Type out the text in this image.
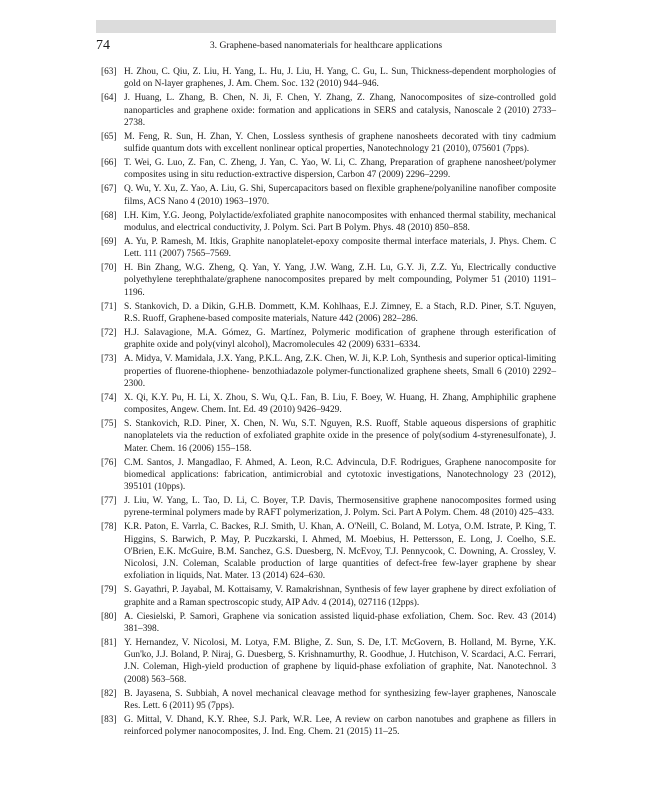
74	3. Graphene-based nanomaterials for healthcare applications
[63] H. Zhou, C. Qiu, Z. Liu, H. Yang, L. Hu, J. Liu, H. Yang, C. Gu, L. Sun, Thickness-dependent morphologies of gold on N-layer graphenes, J. Am. Chem. Soc. 132 (2010) 944–946.
[64] J. Huang, L. Zhang, B. Chen, N. Ji, F. Chen, Y. Zhang, Z. Zhang, Nanocomposites of size-controlled gold nanoparticles and graphene oxide: formation and applications in SERS and catalysis, Nanoscale 2 (2010) 2733–2738.
[65] M. Feng, R. Sun, H. Zhan, Y. Chen, Lossless synthesis of graphene nanosheets decorated with tiny cadmium sulfide quantum dots with excellent nonlinear optical properties, Nanotechnology 21 (2010), 075601 (7pps).
[66] T. Wei, G. Luo, Z. Fan, C. Zheng, J. Yan, C. Yao, W. Li, C. Zhang, Preparation of graphene nanosheet/polymer composites using in situ reduction-extractive dispersion, Carbon 47 (2009) 2296–2299.
[67] Q. Wu, Y. Xu, Z. Yao, A. Liu, G. Shi, Supercapacitors based on flexible graphene/polyaniline nanofiber composite films, ACS Nano 4 (2010) 1963–1970.
[68] I.H. Kim, Y.G. Jeong, Polylactide/exfoliated graphite nanocomposites with enhanced thermal stability, mechanical modulus, and electrical conductivity, J. Polym. Sci. Part B Polym. Phys. 48 (2010) 850–858.
[69] A. Yu, P. Ramesh, M. Itkis, Graphite nanoplatelet-epoxy composite thermal interface materials, J. Phys. Chem. C Lett. 111 (2007) 7565–7569.
[70] H. Bin Zhang, W.G. Zheng, Q. Yan, Y. Yang, J.W. Wang, Z.H. Lu, G.Y. Ji, Z.Z. Yu, Electrically conductive polyethylene terephthalate/graphene nanocomposites prepared by melt compounding, Polymer 51 (2010) 1191–1196.
[71] S. Stankovich, D. a Dikin, G.H.B. Dommett, K.M. Kohlhaas, E.J. Zimney, E. a Stach, R.D. Piner, S.T. Nguyen, R.S. Ruoff, Graphene-based composite materials, Nature 442 (2006) 282–286.
[72] H.J. Salavagione, M.A. Gómez, G. Martínez, Polymeric modification of graphene through esterification of graphite oxide and poly(vinyl alcohol), Macromolecules 42 (2009) 6331–6334.
[73] A. Midya, V. Mamidala, J.X. Yang, P.K.L. Ang, Z.K. Chen, W. Ji, K.P. Loh, Synthesis and superior optical-limiting properties of fluorene-thiophene- benzothiadazole polymer-functionalized graphene sheets, Small 6 (2010) 2292–2300.
[74] X. Qi, K.Y. Pu, H. Li, X. Zhou, S. Wu, Q.L. Fan, B. Liu, F. Boey, W. Huang, H. Zhang, Amphiphilic graphene composites, Angew. Chem. Int. Ed. 49 (2010) 9426–9429.
[75] S. Stankovich, R.D. Piner, X. Chen, N. Wu, S.T. Nguyen, R.S. Ruoff, Stable aqueous dispersions of graphitic nanoplatelets via the reduction of exfoliated graphite oxide in the presence of poly(sodium 4-styrenesulfonate), J. Mater. Chem. 16 (2006) 155–158.
[76] C.M. Santos, J. Mangadlao, F. Ahmed, A. Leon, R.C. Advincula, D.F. Rodrigues, Graphene nanocomposite for biomedical applications: fabrication, antimicrobial and cytotoxic investigations, Nanotechnology 23 (2012), 395101 (10pps).
[77] J. Liu, W. Yang, L. Tao, D. Li, C. Boyer, T.P. Davis, Thermosensitive graphene nanocomposites formed using pyrene-terminal polymers made by RAFT polymerization, J. Polym. Sci. Part A Polym. Chem. 48 (2010) 425–433.
[78] K.R. Paton, E. Varrla, C. Backes, R.J. Smith, U. Khan, A. O'Neill, C. Boland, M. Lotya, O.M. Istrate, P. King, T. Higgins, S. Barwich, P. May, P. Puczkarski, I. Ahmed, M. Moebius, H. Pettersson, E. Long, J. Coelho, S.E. O'Brien, E.K. McGuire, B.M. Sanchez, G.S. Duesberg, N. McEvoy, T.J. Pennycook, C. Downing, A. Crossley, V. Nicolosi, J.N. Coleman, Scalable production of large quantities of defect-free few-layer graphene by shear exfoliation in liquids, Nat. Mater. 13 (2014) 624–630.
[79] S. Gayathri, P. Jayabal, M. Kottaisamy, V. Ramakrishnan, Synthesis of few layer graphene by direct exfoliation of graphite and a Raman spectroscopic study, AIP Adv. 4 (2014), 027116 (12pps).
[80] A. Ciesielski, P. Samorì, Graphene via sonication assisted liquid-phase exfoliation, Chem. Soc. Rev. 43 (2014) 381–398.
[81] Y. Hernandez, V. Nicolosi, M. Lotya, F.M. Blighe, Z. Sun, S. De, I.T. McGovern, B. Holland, M. Byrne, Y.K. Gun'ko, J.J. Boland, P. Niraj, G. Duesberg, S. Krishnamurthy, R. Goodhue, J. Hutchison, V. Scardaci, A.C. Ferrari, J.N. Coleman, High-yield production of graphene by liquid-phase exfoliation of graphite, Nat. Nanotechnol. 3 (2008) 563–568.
[82] B. Jayasena, S. Subbiah, A novel mechanical cleavage method for synthesizing few-layer graphenes, Nanoscale Res. Lett. 6 (2011) 95 (7pps).
[83] G. Mittal, V. Dhand, K.Y. Rhee, S.J. Park, W.R. Lee, A review on carbon nanotubes and graphene as fillers in reinforced polymer nanocomposites, J. Ind. Eng. Chem. 21 (2015) 11–25.
